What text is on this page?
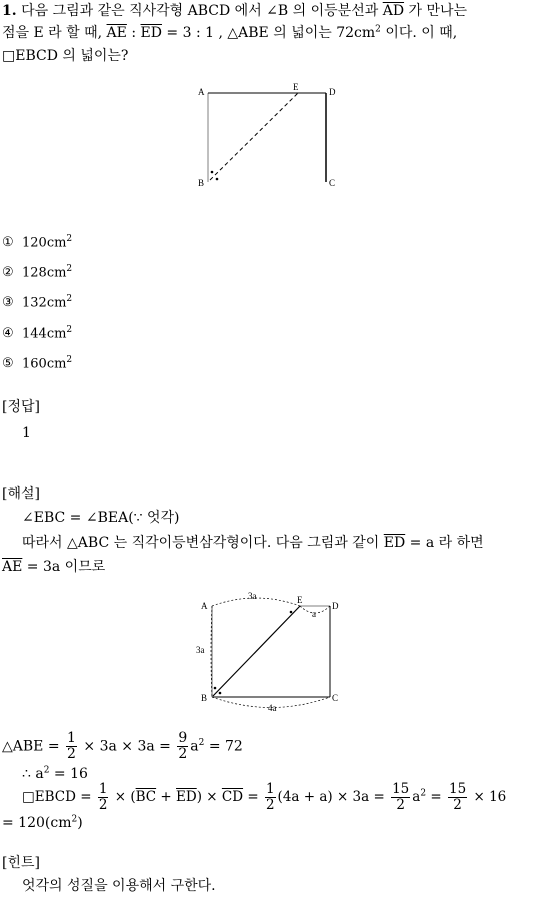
1. 다음 그림과 같은 직사각형 ABCD 에서 ∠B 의 이등분선과 $\overline{AD}$ 가 만나는
점을 E 라 할 때, $\overline{AE}$ : $\overline{ED} = 3$ : 1 , △ABE 의 넓이는 $72cm^2$ 이다. 이 때,
□EBCD 의 넓이는?
A	E	D
B	C
① $120cm^2$
② $128cm^2$
③ $132cm^2$
④ $144cm^2$
⑤ $160cm^2$
[정답]
1
[해설]
∠EBC = ∠BEA(∵ 엇각)
따라서 △ABC 는 직각이등변삼각형이다. 다음 그림과 같이 $\overline{ED} = a$ 라 하면
$\overline{AE} = 3a$ 이므로
A
E
D
B	C
3a
a
3a
4a
△ABE = $\frac{1}{2} \times 3a \times 3a = \frac{9}{2} a^2 = 72$
∴ $a^2 = 16$
□EBCD = $\frac{1}{2} \times (\overline{BC} + \overline{ED}) \times \overline{CD} = \frac{1}{2} (4a + a) \times 3a = \frac{15}{2} a^2 = \frac{15}{2} \times 16$
= $120(cm^2)$
[힌트]
엇각의 성질을 이용해서 구한다.
